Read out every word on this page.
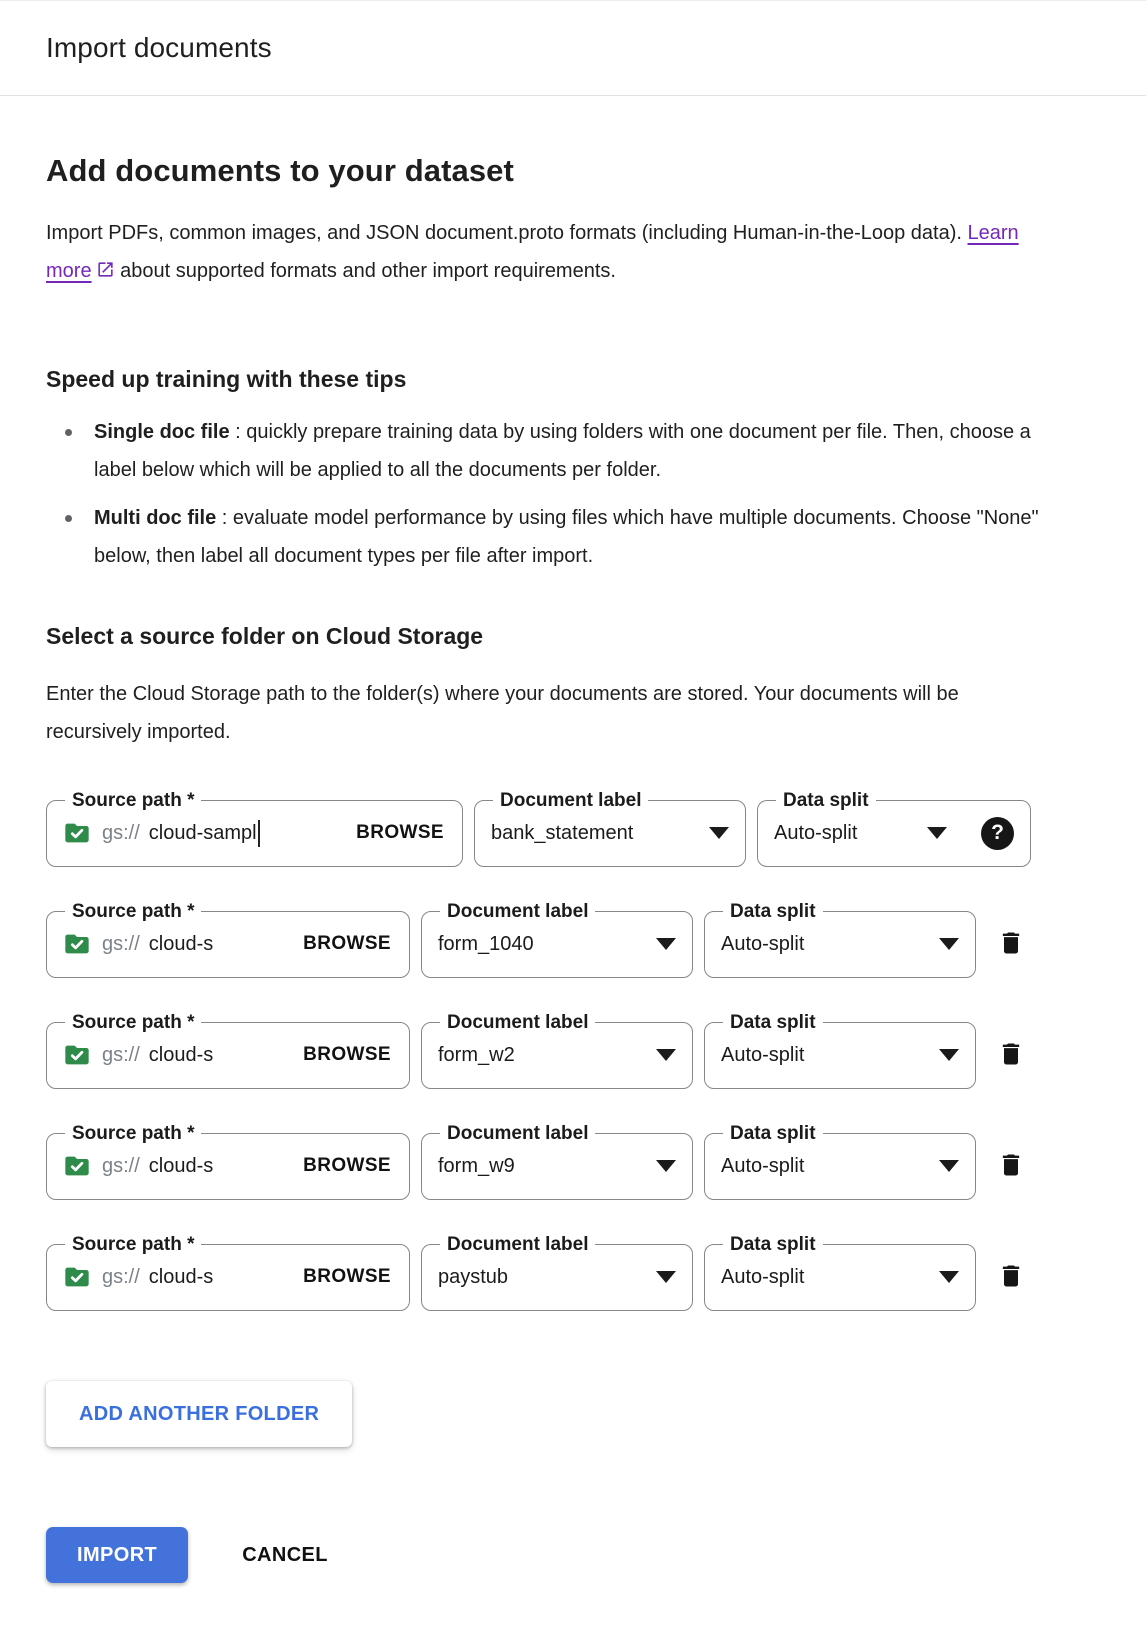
Import documents
Add documents to your dataset

Import PDFs, common images, and JSON document.proto formats (including Human-in-the-Loop data). Learn more about supported formats and other import requirements.

Speed up training with these tips
Single doc file : quickly prepare training data by using folders with one document per file. Then, choose a label below which will be applied to all the documents per folder.
Multi doc file : evaluate model performance by using files which have multiple documents. Choose "None" below, then label all document types per file after import.
Select a source folder on Cloud Storage

Enter the Cloud Storage path to the folder(s) where your documents are stored. Your documents will be recursively imported.

Source path *
gs:// cloud-sampl	BROWSE
Document label
bank_statement
Data split
Auto-split
?
Source path *
gs:// cloud-s	BROWSE
Document label
form_1040
Data split
Auto-split
Source path *
gs:// cloud-s	BROWSE
Document label
form_w2
Data split
Auto-split
Source path *
gs:// cloud-s	BROWSE
Document label
form_w9
Data split
Auto-split
Source path *
gs:// cloud-s	BROWSE
Document label
paystub
Data split
Auto-split
ADD ANOTHER FOLDER
IMPORT	CANCEL
